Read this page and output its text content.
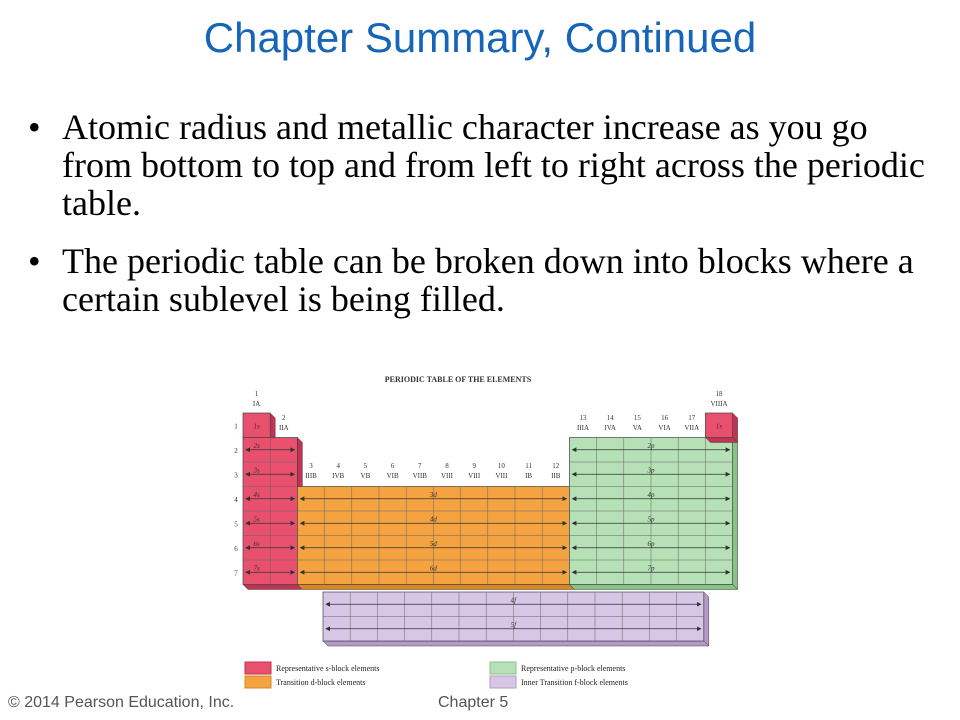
Chapter Summary, Continued
• Atomic radius and metallic character increase as you go from bottom to top and from left to right across the periodic table.
• The periodic table can be broken down into blocks where a certain sublevel is being filled.
PERIODIC TABLE OF THE ELEMENTS
1
2
3
4
5
6
7
1s
2s
3s
4s
5s
6s
7s
1s
3d
4d
5d
6d
2p
3p
4p
5p
6p
7p
4f
5f
1
IA
2
IIA
18
VIIIA
13
IIIA
14
IVA
15
VA
16
VIA
17
VIIA
3
IIIB
4
IVB
5
VB
6
VIB
7
VIIB
8
VIII
9
VIII
10
VIII
11
IB
12
IIB
Representative s-block elements
Transition d-block elements
Representative p-block elements
Inner Transition f-block elements
© 2014 Pearson Education, Inc.	Chapter 5
